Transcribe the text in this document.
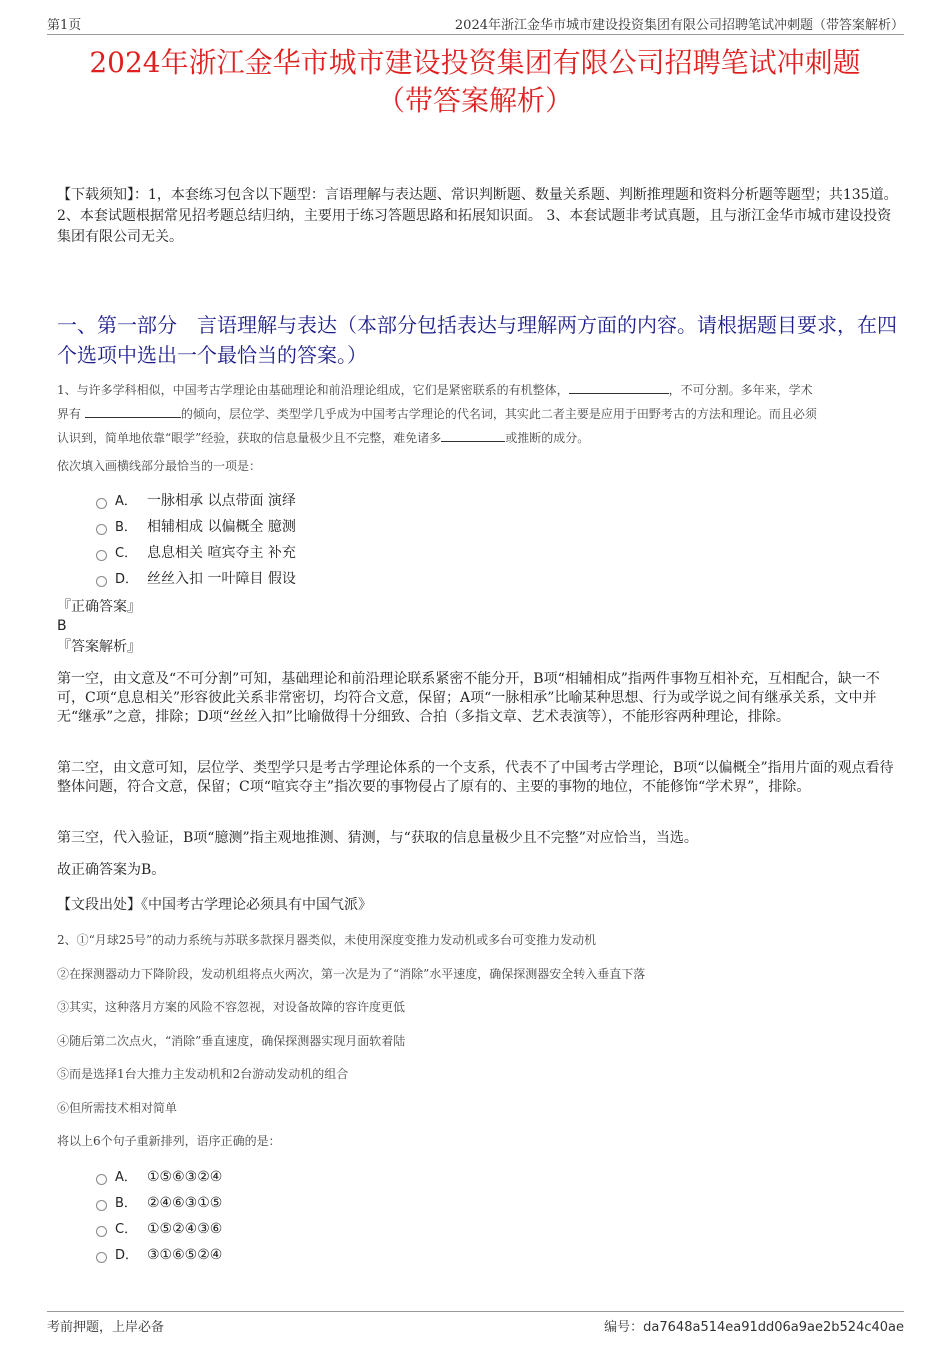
第1页	2024年浙江金华市城市建设投资集团有限公司招聘笔试冲刺题（带答案解析）
2024年浙江金华市城市建设投资集团有限公司招聘笔试冲刺题
（带答案解析）
【下载须知】：1，本套练习包含以下题型：言语理解与表达题、常识判断题、数量关系题、判断推理题和资料分析题等题型；共135道。 2、本套试题根据常见招考题总结归纳，主要用于练习答题思路和拓展知识面。 3、本套试题非考试真题，且与浙江金华市城市建设投资集团有限公司无关。
一、第一部分　言语理解与表达（本部分包括表达与理解两方面的内容。请根据题目要求，在四个选项中选出一个最恰当的答案。）
1、与许多学科相似，中国考古学理论由基础理论和前沿理论组成，它们是紧密联系的有机整体，	，不可分割。多年来，学术
界有	的倾向，层位学、类型学几乎成为中国考古学理论的代名词，其实此二者主要是应用于田野考古的方法和理论。而且必须
认识到，简单地依靠“眼学”经验，获取的信息量极少且不完整，难免诸多	或推断的成分。
依次填入画横线部分最恰当的一项是：
A． 一脉相承 以点带面 演绎
B． 相辅相成 以偏概全 臆测
C． 息息相关 喧宾夺主 补充
D． 丝丝入扣 一叶障目 假设
『正确答案』
B
『答案解析』
第一空，由文意及“不可分割”可知，基础理论和前沿理论联系紧密不能分开，B项“相辅相成”指两件事物互相补充，互相配合，缺一不可，C项“息息相关”形容彼此关系非常密切，均符合文意，保留；A项“一脉相承”比喻某种思想、行为或学说之间有继承关系，文中并无“继承”之意，排除；D项“丝丝入扣”比喻做得十分细致、合拍（多指文章、艺术表演等），不能形容两种理论，排除。
第二空，由文意可知，层位学、类型学只是考古学理论体系的一个支系，代表不了中国考古学理论，B项“以偏概全”指用片面的观点看待整体问题，符合文意，保留；C项“喧宾夺主”指次要的事物侵占了原有的、主要的事物的地位，不能修饰“学术界”，排除。
第三空，代入验证，B项“臆测”指主观地推测、猜测，与“获取的信息量极少且不完整”对应恰当，当选。
故正确答案为B。
【文段出处】《中国考古学理论必须具有中国气派》
2、①“月球25号”的动力系统与苏联多款探月器类似，未使用深度变推力发动机或多台可变推力发动机
②在探测器动力下降阶段，发动机组将点火两次，第一次是为了“消除”水平速度，确保探测器安全转入垂直下落
③其实，这种落月方案的风险不容忽视，对设备故障的容许度更低
④随后第二次点火，“消除”垂直速度，确保探测器实现月面软着陆
⑤而是选择1台大推力主发动机和2台游动发动机的组合
⑥但所需技术相对简单
将以上6个句子重新排列，语序正确的是：
A． ①⑤⑥③②④
B． ②④⑥③①⑤
C． ①⑤②④③⑥
D． ③①⑥⑤②④
考前押题，上岸必备	编号：da7648a514ea91dd06a9ae2b524c40ae
